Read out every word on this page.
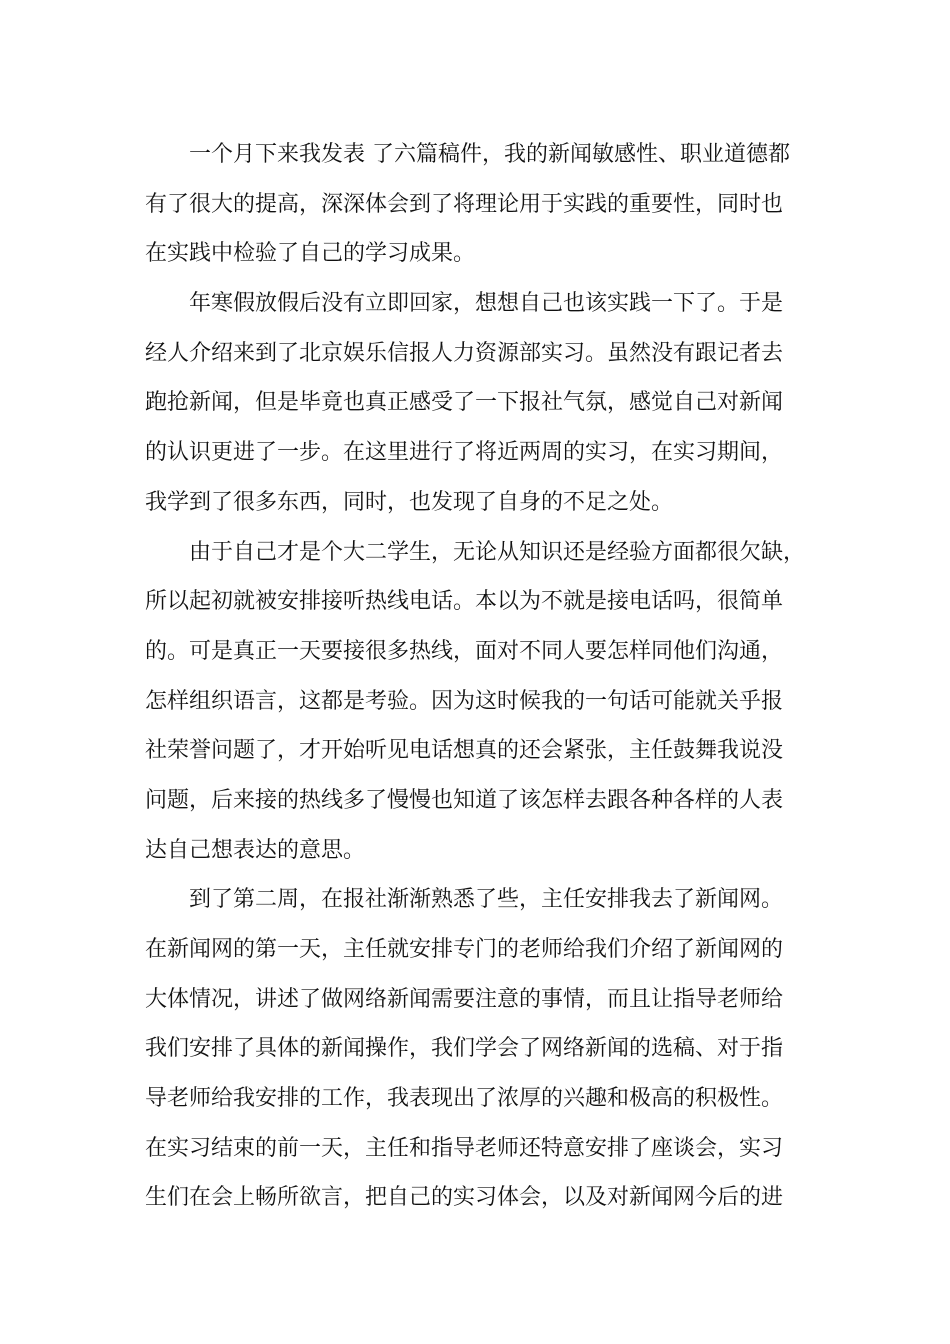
一个月下来我发表 了六篇稿件，我的新闻敏感性、职业道德都
有了很大的提高，深深体会到了将理论用于实践的重要性，同时也
在实践中检验了自己的学习成果。
年寒假放假后没有立即回家，想想自己也该实践一下了。于是
经人介绍来到了北京娱乐信报人力资源部实习。虽然没有跟记者去
跑抢新闻，但是毕竟也真正感受了一下报社气氛，感觉自己对新闻
的认识更进了一步。在这里进行了将近两周的实习，在实习期间，
我学到了很多东西，同时，也发现了自身的不足之处。
由于自己才是个大二学生，无论从知识还是经验方面都很欠缺，
所以起初就被安排接听热线电话。本以为不就是接电话吗，很简单
的。可是真正一天要接很多热线，面对不同人要怎样同他们沟通，
怎样组织语言，这都是考验。因为这时候我的一句话可能就关乎报
社荣誉问题了，才开始听见电话想真的还会紧张，主任鼓舞我说没
问题，后来接的热线多了慢慢也知道了该怎样去跟各种各样的人表
达自己想表达的意思。
到了第二周，在报社渐渐熟悉了些，主任安排我去了新闻网。
在新闻网的第一天，主任就安排专门的老师给我们介绍了新闻网的
大体情况，讲述了做网络新闻需要注意的事情，而且让指导老师给
我们安排了具体的新闻操作，我们学会了网络新闻的选稿、对于指
导老师给我安排的工作，我表现出了浓厚的兴趣和极高的积极性。
在实习结束的前一天，主任和指导老师还特意安排了座谈会，实习
生们在会上畅所欲言，把自己的实习体会，以及对新闻网今后的进
